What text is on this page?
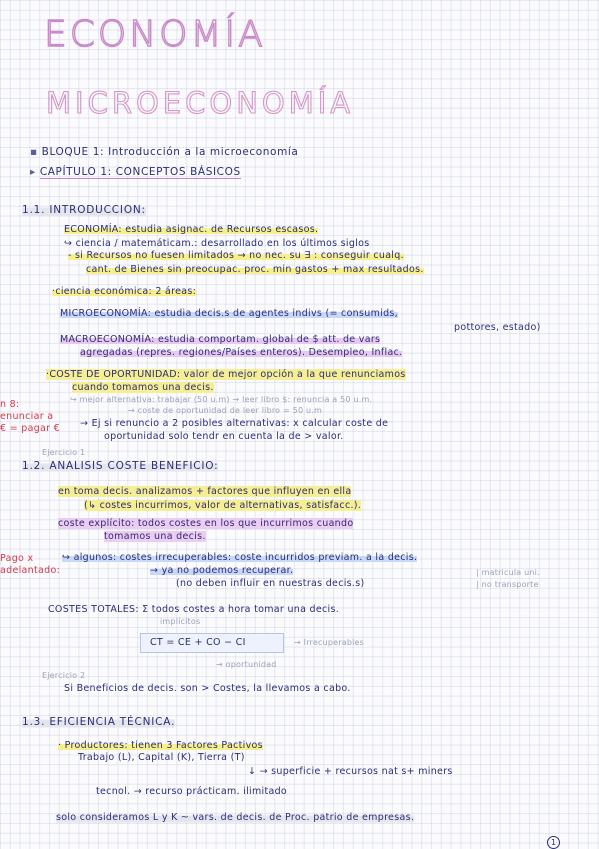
ECONOMÍA
MICROECONOMÍA
▪ BLOQUE 1: Introducción a la microeconomía
▸ CAPÍTULO 1: CONCEPTOS BÁSICOS
1.1. INTRODUCCION:
ECONOMÍA: estudia asignac. de Recursos escasos.
↪ ciencia / matemáticam.: desarrollado en los últimos siglos
- si Recursos no fuesen limitados → no nec. su ∃ : conseguir cualq.
cant. de Bienes sin preocupac. proc. min gastos + max resultados.
·ciencia económica: 2 áreas:
MICROECONOMÍA: estudia decis.s de agentes indivs (= consumids,
pottores, estado)
MACROECONOMÍA: estudia comportam. global de $ att. de vars
agregadas (repres. regiones/Países enteros). Desempleo, Inflac.
·COSTE DE OPORTUNIDAD: valor de mejor opción a la que renunciamos
cuando tomamos una decis.
↪ mejor alternativa: trabajar (50 u.m) → leer libro $: renuncia a 50 u.m.
→ coste de oportunidad de leer libro = 50 u.m
n 8:
enunciar a
€ = pagar € → Ej si renuncio a 2 posibles alternativas: x calcular coste de
oportunidad solo tendr en cuenta la de > valor.
Ejercicio 1
1.2. ANALISIS COSTE BENEFICIO:
en toma decis. analizamos + factores que influyen en ella
(↳ costes incurrimos, valor de alternativas, satisfacc.).
coste explícito: todos costes en los que incurrimos cuando
tomamos una decis.
Pago x
adelantado:
↪ algunos: costes irrecuperables: coste incurridos previam. a la decis.
→ ya no podemos recuperar.
(no deben influir en nuestras decis.s)
| matricula uni.
| no transporte
COSTES TOTALES: Σ todos costes a hora tomar una decis.
implícitos
CT = CE + CO − CI	→ Irrecuperables
→ oportunidad
Ejercicio 2
Si Beneficios de decis. son > Costes, la llevamos a cabo.
1.3. EFICIENCIA TÉCNICA.
· Productores: tienen 3 Factores Pactivos
Trabajo (L), Capital (K), Tierra (T)
↓ → superficie + recursos nat s+ miners
tecnol. → recurso prácticam. ilimitado
solo consideramos L y K ~ vars. de decis. de Proc. patrio de empresas.
1
